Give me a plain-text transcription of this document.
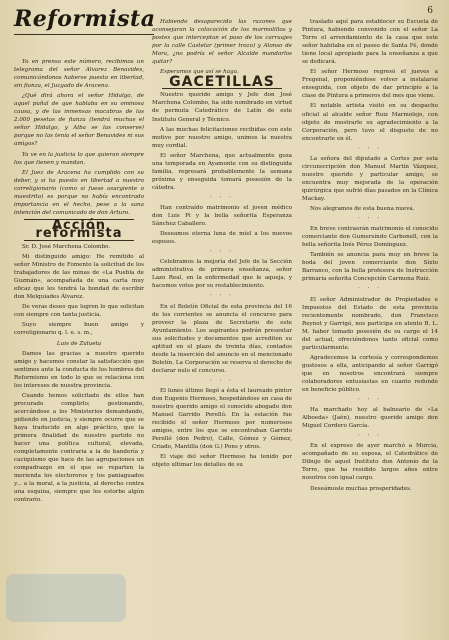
Reformista	6

Ya en prensa este número, recibimos un telegrama del señor Alvarez Benavides, comunicándonos haberse puesto en libertad, sin fianza, el Juzgado de Aracena.

¿Qué dirá ahora el señor Hidalgo, de aquel puñal de que hablaba en su ominosa causa, y de las inmensas macabras de las 2.000 pesetas de fianza (tendrá muchas el señor Hidalgo, y Alba se las conserve) porque no las tenía el señor Benavides ni sus amigos?

Ya ve en la justicia lo que quieran siempre los que tienen y mandan.

El Juez de Aracena ha cumplido con su deber, y si ha puesto en libertad a nuestro correligionario (como si fuese asurgiente o maestrito) es porque no había encontrado importancia en el hecho, pese a la sana intención del comunicado de don Arturo.

Acción reformista

Sr. D. José Marchena Colombo.

Mi distinguido amigo: He remitido al señor Ministro de Fomento la solicitud de los trabajadores de las minas de «La Puebla de Guzmán», acompañada de una carta muy eficaz que les tendrá la bondad de escribir don Melquiades Álvarez.

De veras deseo que logren lo que solicitan con siempre con tanta justicia.

Suyo siempre buen amigo y correligionario q. l. e. s. m.,

Luis de Zulueta

Damos las gracias a nuestro querido amigo y hacemos constar la satisfacción que sentimos ante la conducta de los hombres del Reformismo en todo lo que se relaciona con los intereses de nuestra provincia.

Cuando hemos solicitado de ellos han procurado complirlo; gestionando, acercándose a los Ministerios demandando, pidiendo en justicia, y siempre ocurre que se haya traducido en algo práctico, que la primera finalidad de nuestro partido no hacer una política cultural, elevada, completamente contraria a la de bandería y caciquismo que hace de las agrupaciones un compadrazgo en el que se reparten la merienda los electoreros y los paniaguados y... a la moral, a la justicia, al derecho contra una esquina, siempre que les estorbe algún contrario.

Habiendo desaparecido las razones que aconsejaran la colocación de los marmolillos y postes que interceptan el paso de los carruajes por la calle Castelar (primer trozo) y Alonso de Mora, ¿no podría el señor Alcalde mandarlos quitar?

Esperamos que así se haga.

GACETILLAS

Nuestro querido amigo y Jefe don José Marchena Colombo, ha sido nombrado en virtud de permuta Catedrático de Latín de este Instituto General y Técnico.

A las muchas felicitaciones recibidas con este motivo por nuestro amigo, unimos la nuestra muy cordial.

El señor Marchena, que actualmente goza una temporada en Ayamonte con su distinguida familia, regresará probablemente la semana próxima y enseguida tomará posesión de la cátedra.

· · ·

Han contraído matrimonio el joven médico don Luis Pi y la bella señorita Esperanza Sánchez Caballero.

Deseamos eterna luna de miel a los nuevos esposos.

· · ·

Celebramos la mejoría del Jefe de la Sección administrativa de primera enseñanza, señor Lazo Real, en la enfermedad que le aqueja, y hacemos votos por su restablecimiento.

· · ·

En el Boletín Oficial de esta provincia del 16 de los corrientes se anuncia el concurso para proveer la plaza de Secretario de este Ayuntamiento. Los aspirantes podrán presentar sus solicitudes y documentos que acrediten su aptitud en el plazo de treinta días, contados desde la inserción del anuncio en el mencionado Boletín. La Corporación se reserva el derecho de declarar nulo el concurso.

· · ·

El lunes último llegó a ésta el laureado pintor don Eugenio Hermoso, hospedándose en casa de nuestro querido amigo el conocido abogado don Manuel Garrido Perelló. En la estación fue recibido el señor Hermoso por numerosos amigos, entre los que se encontraban Garrido Perelló (don Pedro), Calle, Gómez y Gómez, Criado, Mantilla (don G.) Pons y otros.

El viaje del señor Hermoso ha tenido por objeto ultimar los detalles de su

traslado aquí para establecer su Escuela de Pintura, habiendo convenido con el señor La Torre el arrendamiento de la casa que este señor habitaba en el paseo de Santa Fé, donde tiene local apropiado para la enseñanza a que se dedicará.

El señor Hermoso regresó el jueves a Fregenal, proponiéndose volver a instalarse enseguida, con objeto de dar principio a la clase de Pintura a primeros del mes que viene.

El notable artista visitó en su despacho oficial al alcalde señor Ruiz Marmolejo, con objeto de mostrarle su agradecimiento a la Corporación, pero tuvo el disgusto de no encontrarle en él.

· · ·

La señora del diputado a Cortes por esta circunscripción don Manuel Martín Vázquez, nuestro querido y particular amigo, se encuentra muy mejorada de la operación quirúrgica que sufrió días pasados en la Clínica Mackay.

Nos alegramos de esta buena nueva.

· · ·

En breve contraerán matrimonio el conocido comerciante don Gumersindo Carbonell, con la bella señorita Inés Pérez Domínguez.

También se anuncia para muy en breve la boda del joven comerciante don Sixto Barranco, con la bella profesora de Instrucción primaria señorita Concepción Carmona Ruiz.

· · ·

El señor Administrador de Propiedades e Impuestos del Estado de esta provincia recientemente nombrado, don Francisco Reynot y Garrigó, nos participa en atento B. L. M. haber tomado posesión de su cargo el 14 del actual, ofreciéndonos tanto oficial como particularmente.

Agradecemos la cortesía y correspondemos gustosos a ella, anticipando al señor Garrigó que en nosotros encontrará siempre colaboradores entusiastas en cuanto redunde en beneficio público.

· · ·

Ha marchado hoy al balneario de «La Alboeda» (Jaén), nuestro querido amigo don Miguel Cordero García.

· · ·

En el expreso de ayer marchó a Murcia, acompañado de su esposa, el Catedrático de Dibujo de aquel Instituto don Antonio de la Torre, que ha residido largos años entre nosotros con igual cargo.

Deseámosle muchas prosperidades.
